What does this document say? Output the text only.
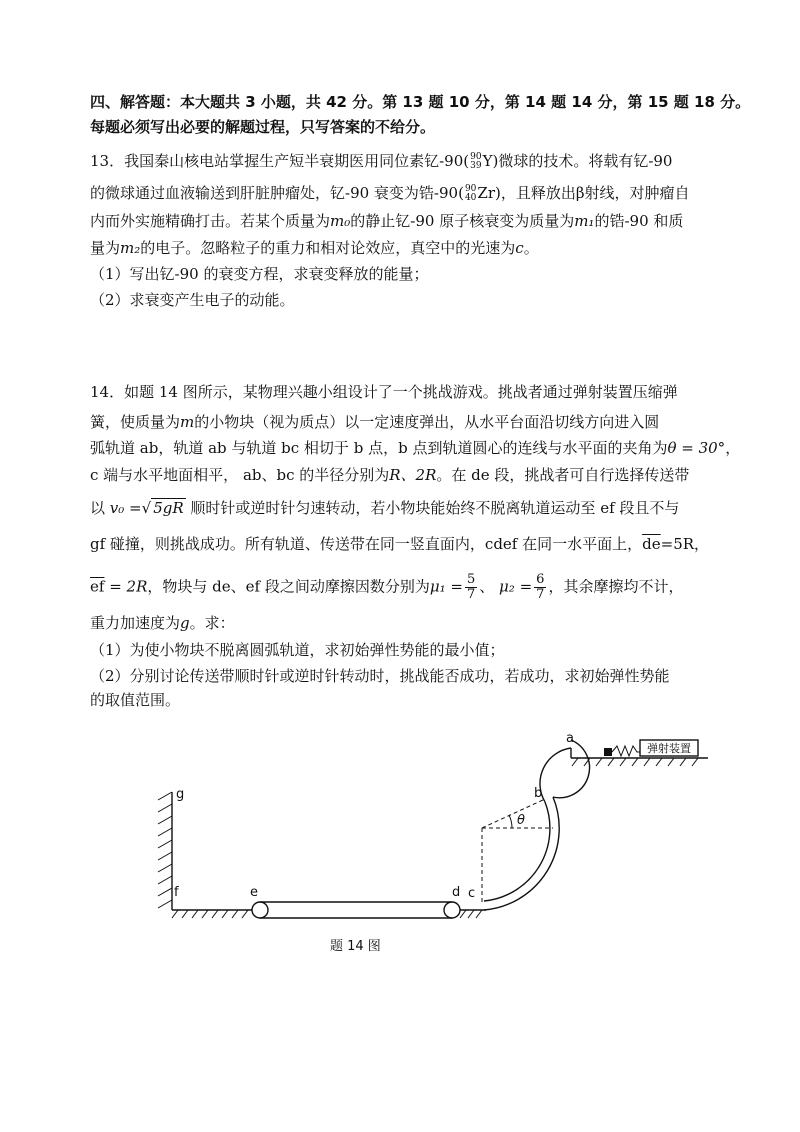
四、解答题：本大题共 3 小题，共 42 分。第 13 题 10 分，第 14 题 14 分，第 15 题 18 分。
每题必须写出必要的解题过程，只写答案的不给分。
13．我国秦山核电站掌握生产短半衰期医用同位素钇-90( 90
39 Y)微球的技术。将载有钇-90
的微球通过血液输送到肝脏肿瘤处，钇-90 衰变为锆-90( 90
40 Zr)，且释放出β射线，对肿瘤自
内而外实施精确打击。若某个质量为m₀的静止钇-90 原子核衰变为质量为m₁的锆-90 和质
量为m₂的电子。忽略粒子的重力和相对论效应，真空中的光速为c。
（1）写出钇-90 的衰变方程，求衰变释放的能量；
（2）求衰变产生电子的动能。
14．如题 14 图所示，某物理兴趣小组设计了一个挑战游戏。挑战者通过弹射装置压缩弹
簧，使质量为m的小物块（视为质点）以一定速度弹出，从水平台面沿切线方向进入圆
弧轨道 ab，轨道 ab 与轨道 bc 相切于 b 点，b 点到轨道圆心的连线与水平面的夹角为θ = 30°，
c 端与水平地面相平， ab、bc 的半径分别为R、2R。在 de 段，挑战者可自行选择传送带
以 v₀ =√ 5gR 顺时针或逆时针匀速转动，若小物块能始终不脱离轨道运动至 ef 段且不与
gf 碰撞，则挑战成功。所有轨道、传送带在同一竖直面内，cdef 在同一水平面上，$\overline{de}=5R$，
$\overline{ef} = 2R$，物块与 de、ef 段之间动摩擦因数分别为$\mu_1 = \frac{5}{7}$ 、 $\mu_2 = \frac{6}{7}$ ，其余摩擦均不计，
重力加速度为g。求：
（1）为使小物块不脱离圆弧轨道，求初始弹性势能的最小值；
（2）分别讨论传送带顺时针或逆时针转动时，挑战能否成功，若成功，求初始弹性势能
的取值范围。
a
b
c
d
e
f
g
θ
弹射装置
题 14 图
